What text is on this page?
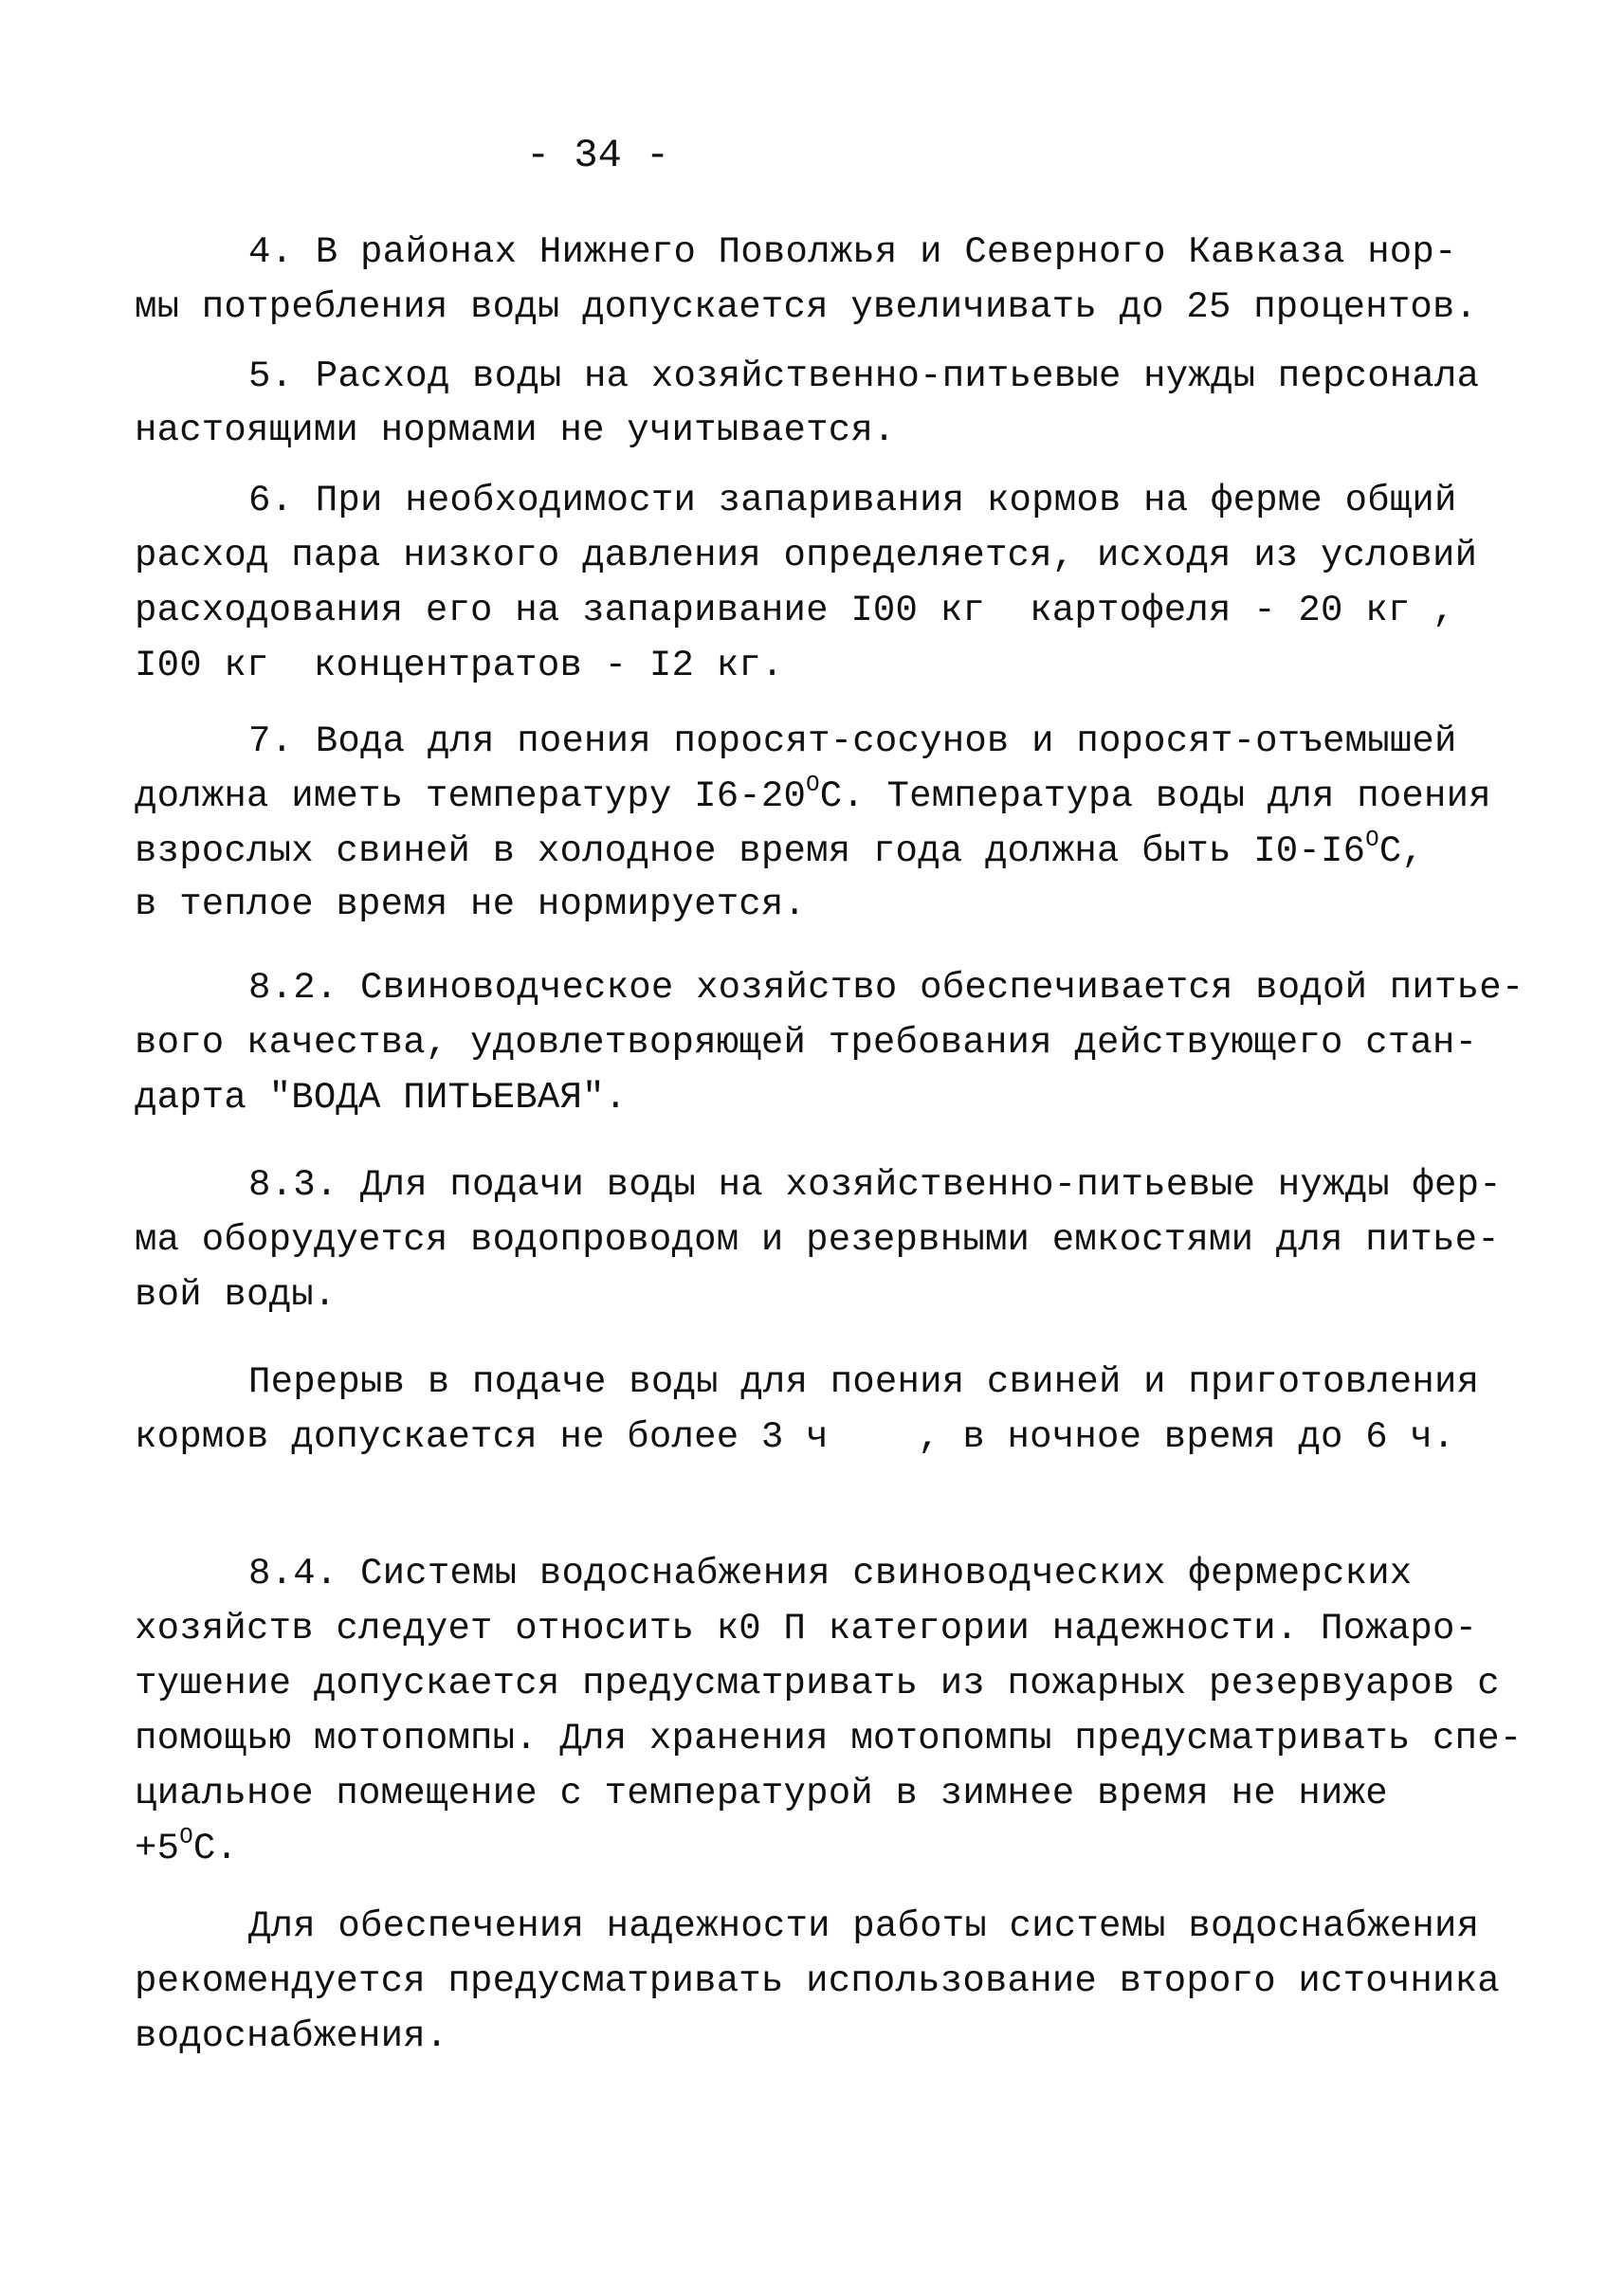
- 34 -
4. В районах Нижнего Поволжья и Северного Кавказа нор-
мы потребления воды допускается увеличивать до 25 процентов.
5. Расход воды на хозяйственно-питьевые нужды персонала
настоящими нормами не учитывается.
6. При необходимости запаривания кормов на ферме общий
расход пара низкого давления определяется, исходя из условий
расходования его на запаривание I00 кг  картофеля - 20 кг ,
I00 кг  концентратов - I2 кг.
7. Вода для поения поросят-сосунов и поросят-отъемышей
должна иметь температуру $I6-20^OС$. Температура воды для поения
взрослых свиней в холодное время года должна быть $I0-I6^OС$,
в теплое время не нормируется.
8.2. Свиноводческое хозяйство обеспечивается водой питье-
вого качества, удовлетворяющей требования действующего стан-
дарта "ВОДА ПИТЬЕВАЯ".
8.3. Для подачи воды на хозяйственно-питьевые нужды фер-
ма оборудуется водопроводом и резервными емкостями для питье-
вой воды.
Перерыв в подаче воды для поения свиней и приготовления
кормов допускается не более 3 ч    , в ночное время до 6 ч.
8.4. Системы водоснабжения свиноводческих фермерских
хозяйств следует относить к0 П категории надежности. Пожаро-
тушение допускается предусматривать из пожарных резервуаров с
помощью мотопомпы. Для хранения мотопомпы предусматривать спе-
циальное помещение с температурой в зимнее время не ниже
$+5^OС$.
Для обеспечения надежности работы системы водоснабжения
рекомендуется предусматривать использование второго источника
водоснабжения.
